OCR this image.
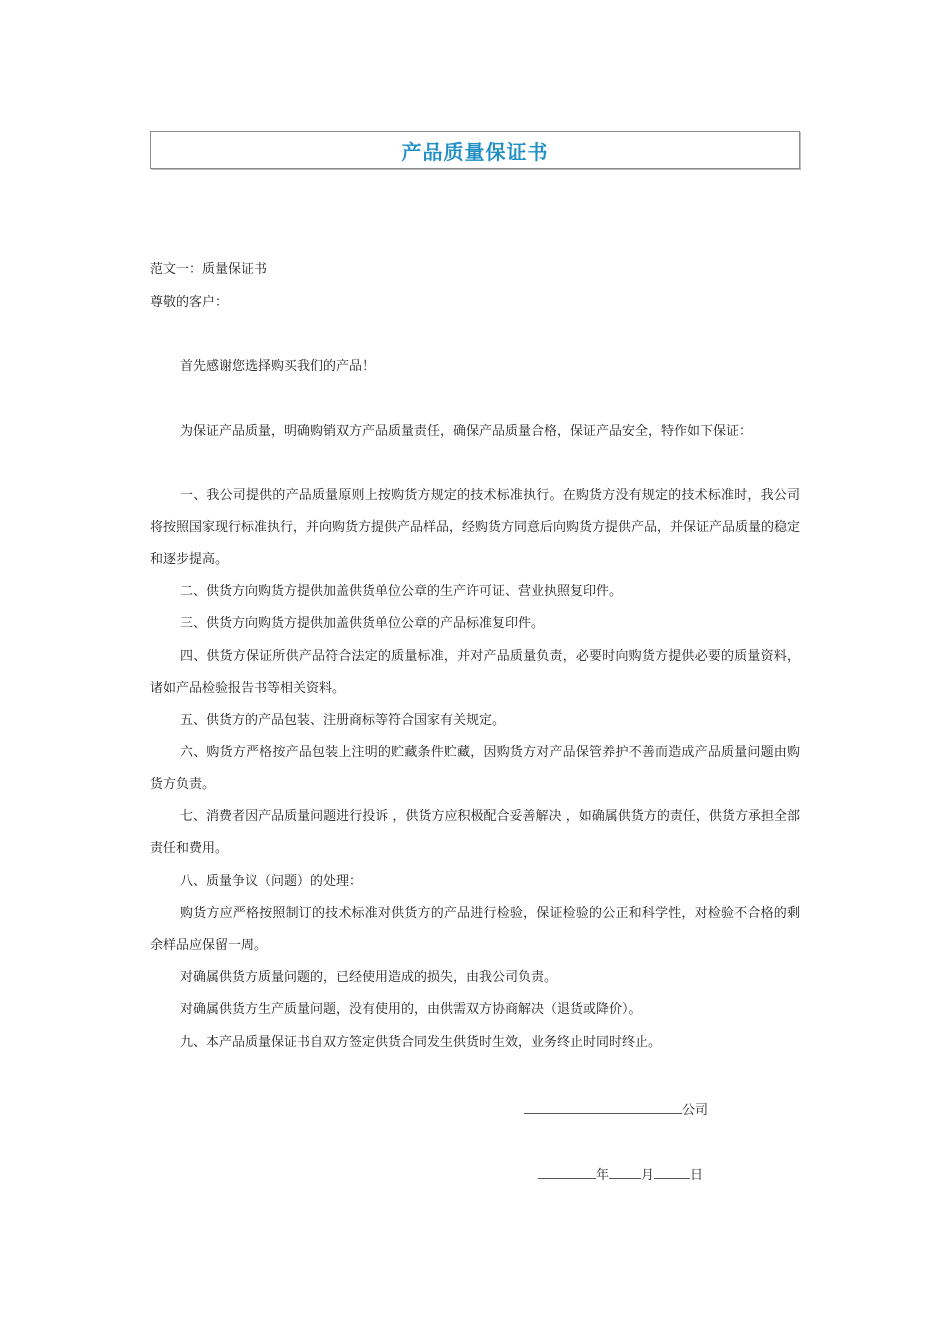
产品质量保证书
范文一：质量保证书
尊敬的客户：
首先感谢您选择购买我们的产品！
为保证产品质量，明确购销双方产品质量责任，确保产品质量合格，保证产品安全，特作如下保证：
一、我公司提供的产品质量原则上按购货方规定的技术标准执行。在购货方没有规定的技术标准时，我公司将按照国家现行标准执行，并向购货方提供产品样品，经购货方同意后向购货方提供产品，并保证产品质量的稳定和逐步提高。
二、供货方向购货方提供加盖供货单位公章的生产许可证、营业执照复印件。
三、供货方向购货方提供加盖供货单位公章的产品标准复印件。
四、供货方保证所供产品符合法定的质量标准，并对产品质量负责，必要时向购货方提供必要的质量资料，诸如产品检验报告书等相关资料。
五、供货方的产品包装、注册商标等符合国家有关规定。
六、购货方严格按产品包装上注明的贮藏条件贮藏，因购货方对产品保管养护不善而造成产品质量问题由购货方负责。
七、消费者因产品质量问题进行投诉 ，供货方应积极配合妥善解决 ，如确属供货方的责任，供货方承担全部责任和费用。
八、质量争议（问题）的处理：
购货方应严格按照制订的技术标准对供货方的产品进行检验，保证检验的公正和科学性，对检验不合格的剩余样品应保留一周。
对确属供货方质量问题的，已经使用造成的损失，由我公司负责。
对确属供货方生产质量问题，没有使用的，由供需双方协商解决（退货或降价）。
九、本产品质量保证书自双方签定供货合同发生供货时生效，业务终止时同时终止。
公司
年 月	日
